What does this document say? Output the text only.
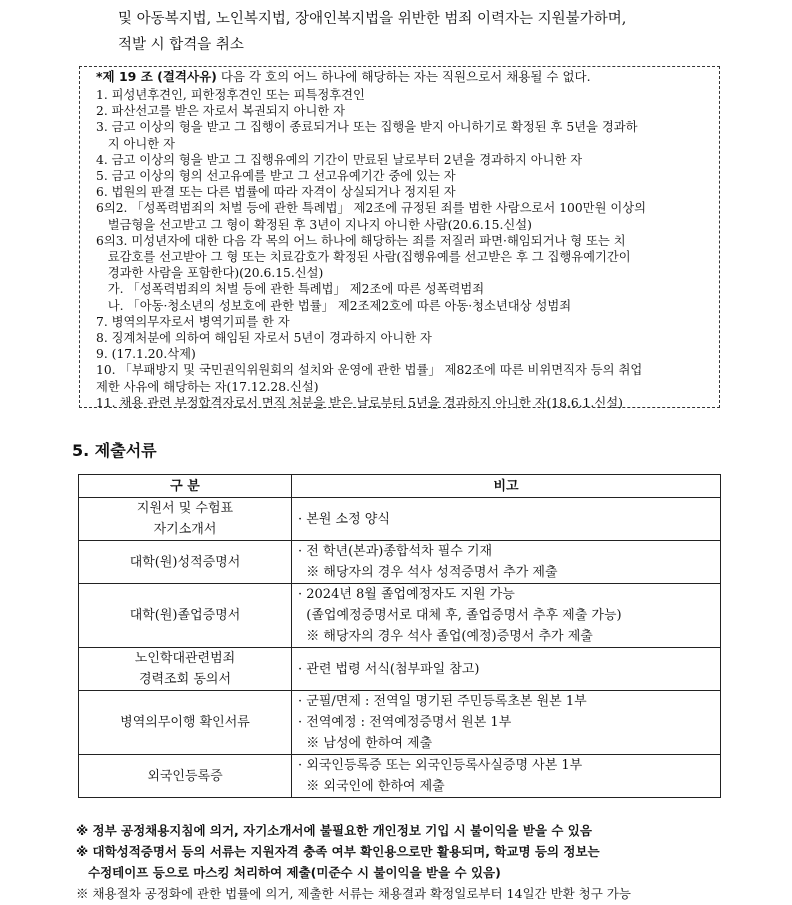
및 아동복지법, 노인복지법, 장애인복지법을 위반한 범죄 이력자는 지원불가하며,
적발 시 합격을 취소
*제 19 조 (결격사유) 다음 각 호의 어느 하나에 해당하는 자는 직원으로서 채용될 수 없다.
1. 피성년후견인, 피한정후견인 또는 피특정후견인
2. 파산선고를 받은 자로서 복권되지 아니한 자
3. 금고 이상의 형을 받고 그 집행이 종료되거나 또는 집행을 받지 아니하기로 확정된 후 5년을 경과하
지 아니한 자
4. 금고 이상의 형을 받고 그 집행유예의 기간이 만료된 날로부터 2년을 경과하지 아니한 자
5. 금고 이상의 형의 선고유예를 받고 그 선고유예기간 중에 있는 자
6. 법원의 판결 또는 다른 법률에 따라 자격이 상실되거나 정지된 자
6의2. 「성폭력범죄의 처벌 등에 관한 특례법」 제2조에 규정된 죄를 범한 사람으로서 100만원 이상의
벌금형을 선고받고 그 형이 확정된 후 3년이 지나지 아니한 사람(20.6.15.신설)
6의3. 미성년자에 대한 다음 각 목의 어느 하나에 해당하는 죄를 저질러 파면·해임되거나 형 또는 치
료감호를 선고받아 그 형 또는 치료감호가 확정된 사람(집행유예를 선고받은 후 그 집행유예기간이
경과한 사람을 포함한다)(20.6.15.신설)
가. 「성폭력범죄의 처벌 등에 관한 특례법」 제2조에 따른 성폭력범죄
나. 「아동·청소년의 성보호에 관한 법률」 제2조제2호에 따른 아동·청소년대상 성범죄
7. 병역의무자로서 병역기피를 한 자
8. 징계처분에 의하여 해임된 자로서 5년이 경과하지 아니한 자
9. (17.1.20.삭제)
10. 「부패방지 및 국민권익위원회의 설치와 운영에 관한 법률」 제82조에 따른 비위면직자 등의 취업
제한 사유에 해당하는 자(17.12.28.신설)
11. 채용 관련 부정합격자로서 면직 처분을 받은 날로부터 5년을 경과하지 아니한 자(18.6.1.신설)
5. 제출서류
구 분	비고

지원서 및 수험표
자기소개서	· 본원 소정 양식

대학(원)성적증명서	· 전 학년(본과)종합석차 필수 기재
※ 해당자의 경우 석사 성적증명서 추가 제출

대학(원)졸업증명서	· 2024년 8월 졸업예정자도 지원 가능
(졸업예정증명서로 대체 후, 졸업증명서 추후 제출 가능)
※ 해당자의 경우 석사 졸업(예정)증명서 추가 제출

노인학대관련범죄
경력조회 동의서	· 관련 법령 서식(첨부파일 참고)

병역의무이행 확인서류	· 군필/면제 : 전역일 명기된 주민등록초본 원본 1부
· 전역예정 : 전역예정증명서 원본 1부
※ 남성에 한하여 제출

외국인등록증	· 외국인등록증 또는 외국인등록사실증명 사본 1부
※ 외국인에 한하여 제출
※ 정부 공정채용지침에 의거, 자기소개서에 불필요한 개인정보 기입 시 불이익을 받을 수 있음
※ 대학성적증명서 등의 서류는 지원자격 충족 여부 확인용으로만 활용되며, 학교명 등의 정보는
수정테이프 등으로 마스킹 처리하여 제출(미준수 시 불이익을 받을 수 있음)
※ 채용절차 공정화에 관한 법률에 의거, 제출한 서류는 채용결과 확정일로부터 14일간 반환 청구 가능
